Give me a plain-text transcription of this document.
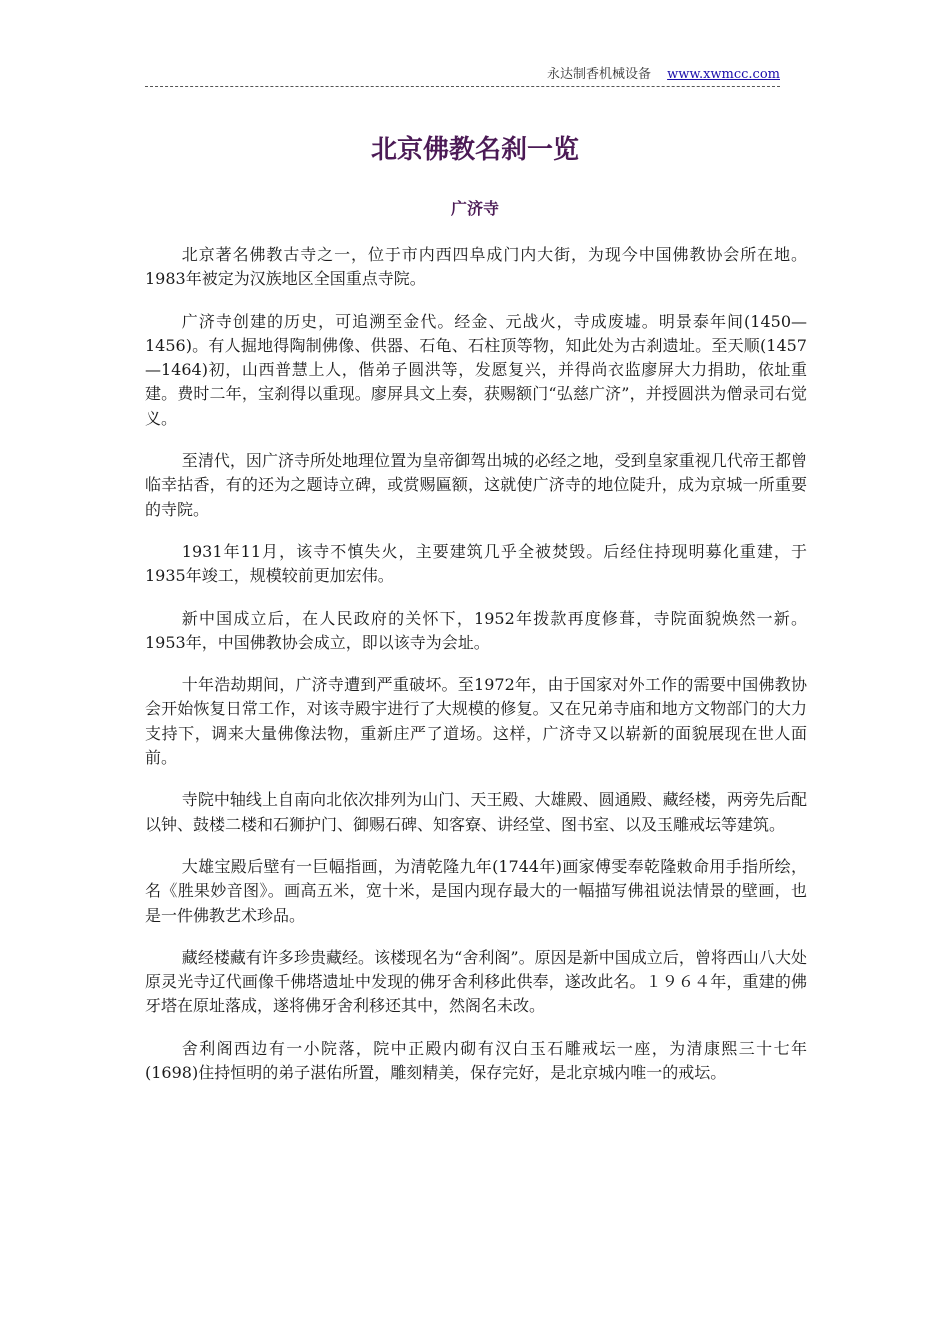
永达制香机械设备 www.xwmcc.com
北京佛教名刹一览
广济寺

北京著名佛教古寺之一，位于市内西四阜成门内大街，为现今中国佛教协会所在地。1983年被定为汉族地区全国重点寺院。

广济寺创建的历史，可追溯至金代。经金、元战火，寺成废墟。明景泰年间(1450—1456)。有人掘地得陶制佛像、供器、石龟、石柱顶等物，知此处为古刹遗址。至天顺(1457—1464)初，山西普慧上人，偕弟子圆洪等，发愿复兴，并得尚衣监廖屏大力捐助，依址重建。费时二年，宝刹得以重现。廖屏具文上奏，获赐额门“弘慈广济”，并授圆洪为僧录司右觉义。

至清代，因广济寺所处地理位置为皇帝御驾出城的必经之地，受到皇家重视几代帝王都曾临幸拈香，有的还为之题诗立碑，或赏赐匾额，这就使广济寺的地位陡升，成为京城一所重要的寺院。

1931年11月，该寺不慎失火，主要建筑几乎全被焚毁。后经住持现明募化重建，于1935年竣工，规模较前更加宏伟。

新中国成立后，在人民政府的关怀下，1952年拨款再度修葺，寺院面貌焕然一新。1953年，中国佛教协会成立，即以该寺为会址。

十年浩劫期间，广济寺遭到严重破坏。至1972年，由于国家对外工作的需要中国佛教协会开始恢复日常工作，对该寺殿宇进行了大规模的修复。又在兄弟寺庙和地方文物部门的大力支持下，调来大量佛像法物，重新庄严了道场。这样，广济寺又以崭新的面貌展现在世人面前。

寺院中轴线上自南向北依次排列为山门、天王殿、大雄殿、圆通殿、藏经楼，两旁先后配以钟、鼓楼二楼和石狮护门、御赐石碑、知客寮、讲经堂、图书室、以及玉雕戒坛等建筑。

大雄宝殿后壁有一巨幅指画，为清乾隆九年(1744年)画家傅雯奉乾隆敕命用手指所绘，名《胜果妙音图》。画高五米，宽十米，是国内现存最大的一幅描写佛祖说法情景的壁画，也是一件佛教艺术珍品。

藏经楼藏有许多珍贵藏经。该楼现名为“舍利阁”。原因是新中国成立后，曾将西山八大处原灵光寺辽代画像千佛塔遗址中发现的佛牙舍利移此供奉，遂改此名。１９６４年，重建的佛牙塔在原址落成，遂将佛牙舍利移还其中，然阁名未改。

舍利阁西边有一小院落，院中正殿内砌有汉白玉石雕戒坛一座，为清康熙三十七年(1698)住持恒明的弟子湛佑所置，雕刻精美，保存完好，是北京城内唯一的戒坛。
